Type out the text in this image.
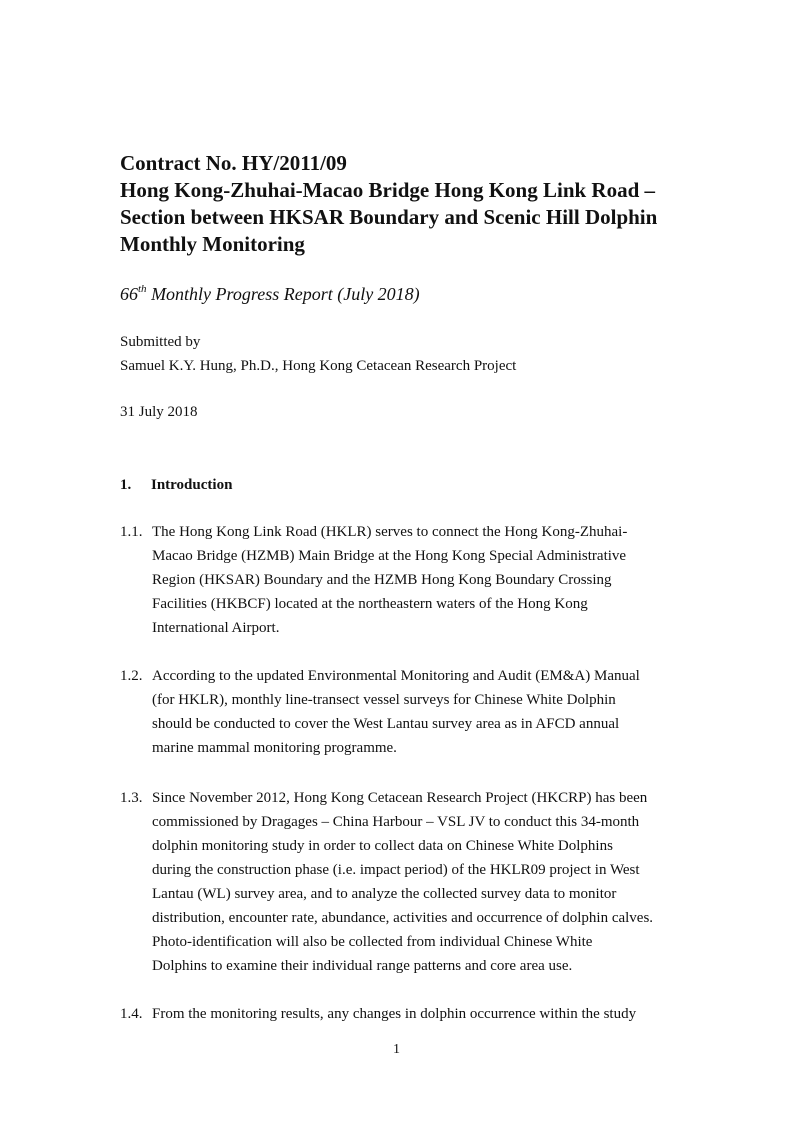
Contract No. HY/2011/09
Hong Kong-Zhuhai-Macao Bridge Hong Kong Link Road –
Section between HKSAR Boundary and Scenic Hill Dolphin
Monthly Monitoring
66th Monthly Progress Report (July 2018)
Submitted by
Samuel K.Y. Hung, Ph.D., Hong Kong Cetacean Research Project
31 July 2018
1. Introduction
1.1. The Hong Kong Link Road (HKLR) serves to connect the Hong Kong-Zhuhai-
Macao Bridge (HZMB) Main Bridge at the Hong Kong Special Administrative
Region (HKSAR) Boundary and the HZMB Hong Kong Boundary Crossing
Facilities (HKBCF) located at the northeastern waters of the Hong Kong
International Airport.
1.2. According to the updated Environmental Monitoring and Audit (EM&A) Manual
(for HKLR), monthly line-transect vessel surveys for Chinese White Dolphin
should be conducted to cover the West Lantau survey area as in AFCD annual
marine mammal monitoring programme.
1.3. Since November 2012, Hong Kong Cetacean Research Project (HKCRP) has been
commissioned by Dragages – China Harbour – VSL JV to conduct this 34-month
dolphin monitoring study in order to collect data on Chinese White Dolphins
during the construction phase (i.e. impact period) of the HKLR09 project in West
Lantau (WL) survey area, and to analyze the collected survey data to monitor
distribution, encounter rate, abundance, activities and occurrence of dolphin calves.
Photo-identification will also be collected from individual Chinese White
Dolphins to examine their individual range patterns and core area use.
1.4. From the monitoring results, any changes in dolphin occurrence within the study
1
